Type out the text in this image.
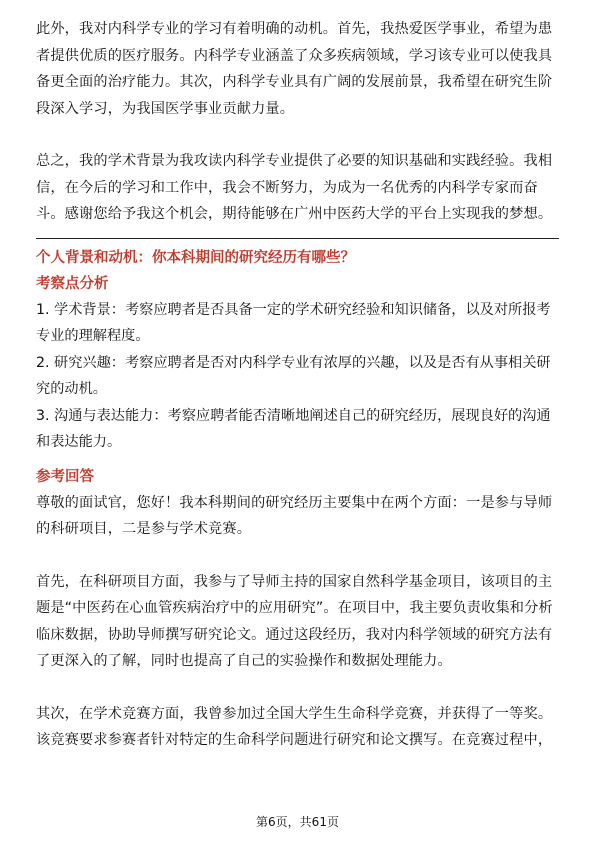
此外，我对内科学专业的学习有着明确的动机。首先，我热爱医学事业，希望为患者提供优质的医疗服务。内科学专业涵盖了众多疾病领域，学习该专业可以使我具备更全面的治疗能力。其次，内科学专业具有广阔的发展前景，我希望在研究生阶段深入学习，为我国医学事业贡献力量。

总之，我的学术背景为我攻读内科学专业提供了必要的知识基础和实践经验。我相信，在今后的学习和工作中，我会不断努力，为成为一名优秀的内科学专家而奋斗。感谢您给予我这个机会，期待能够在广州中医药大学的平台上实现我的梦想。

个人背景和动机：你本科期间的研究经历有哪些？

考察点分析

1. 学术背景：考察应聘者是否具备一定的学术研究经验和知识储备，以及对所报考专业的理解程度。

2. 研究兴趣：考察应聘者是否对内科学专业有浓厚的兴趣，以及是否有从事相关研究的动机。

3. 沟通与表达能力：考察应聘者能否清晰地阐述自己的研究经历，展现良好的沟通和表达能力。

参考回答

尊敬的面试官，您好！我本科期间的研究经历主要集中在两个方面：一是参与导师的科研项目，二是参与学术竞赛。

首先，在科研项目方面，我参与了导师主持的国家自然科学基金项目，该项目的主题是“中医药在心血管疾病治疗中的应用研究”。在项目中，我主要负责收集和分析临床数据，协助导师撰写研究论文。通过这段经历，我对内科学领域的研究方法有了更深入的了解，同时也提高了自己的实验操作和数据处理能力。

其次，在学术竞赛方面，我曾参加过全国大学生生命科学竞赛，并获得了一等奖。该竞赛要求参赛者针对特定的生命科学问题进行研究和论文撰写。在竞赛过程中，

第6页，共61页
